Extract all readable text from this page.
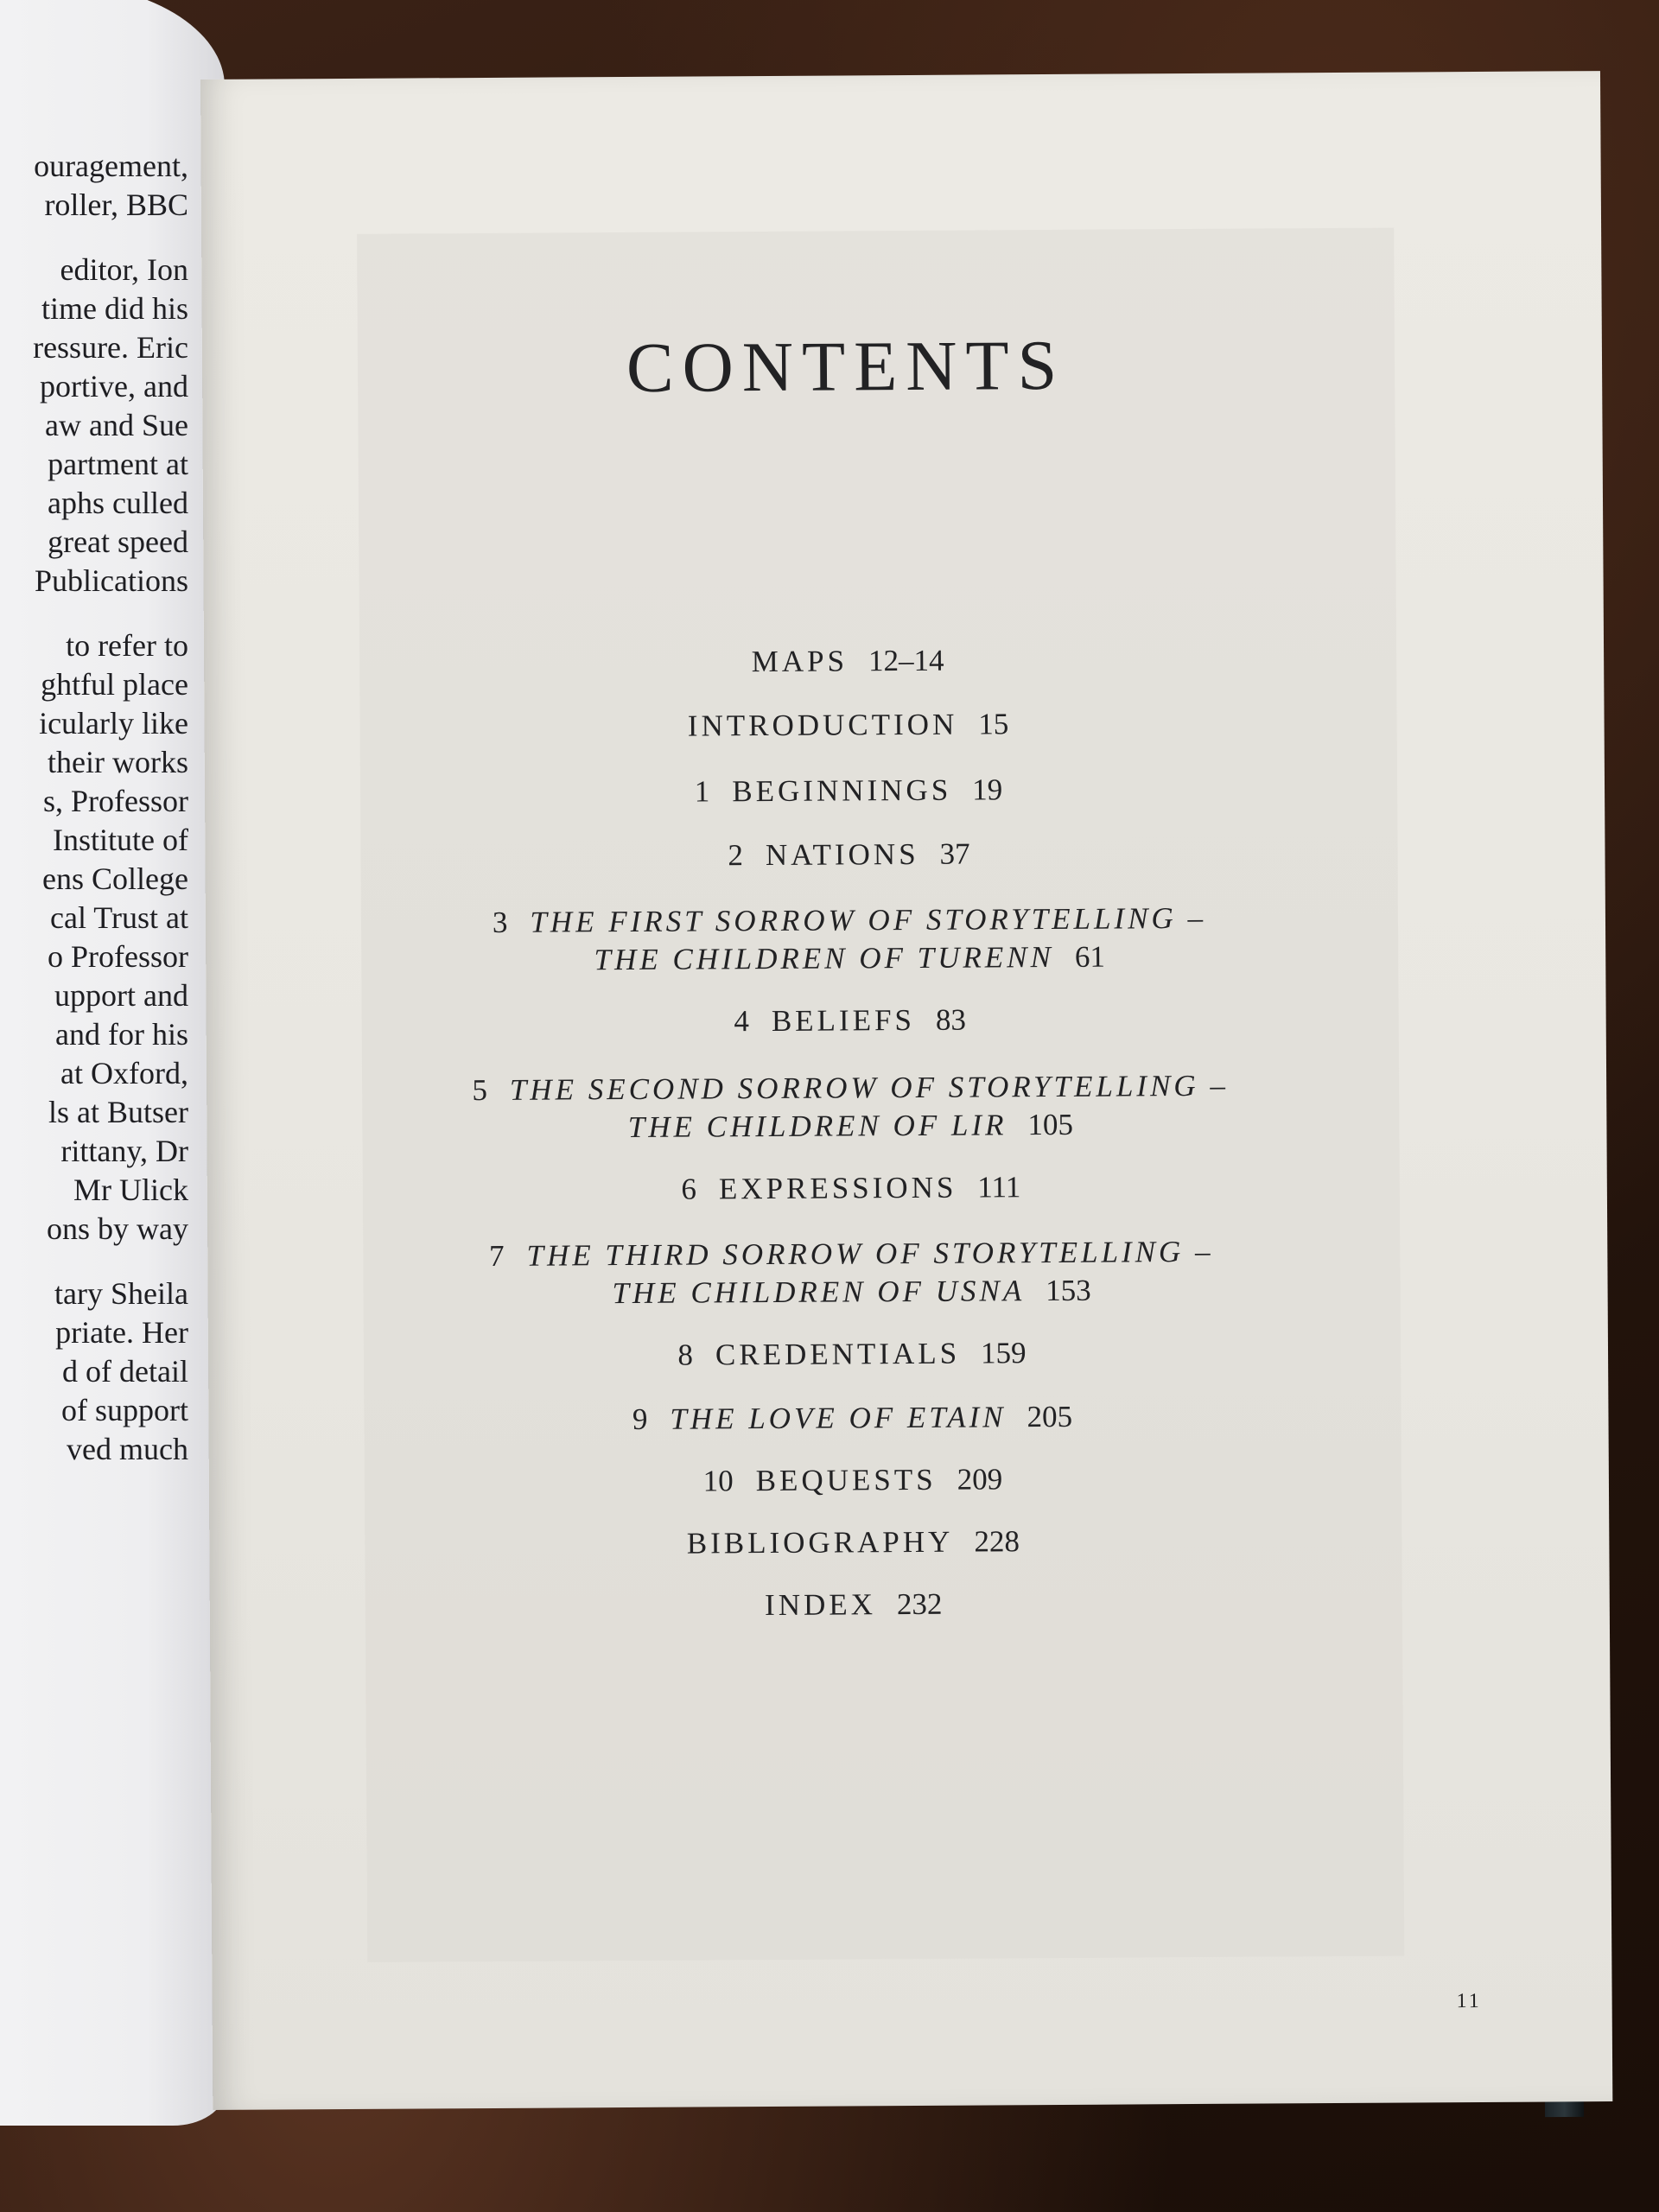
ouragement,
roller, BBC
editor, Ion
time did his
ressure. Eric
portive, and
aw and Sue
partment at
aphs culled
great speed
Publications
to refer to
ghtful place
icularly like
their works
s, Professor
Institute of
ens College
cal Trust at
o Professor
upport and
and for his
at Oxford,
ls at Butser
rittany, Dr
Mr Ulick
ons by way
tary Sheila
priate. Her
d of detail
of support
ved much
CONTENTS
MAPS 12–14
INTRODUCTION 15
1 BEGINNINGS 19
2 NATIONS 37
3 THE FIRST SORROW OF STORYTELLING –
THE CHILDREN OF TURENN 61
4 BELIEFS 83
5 THE SECOND SORROW OF STORYTELLING –
THE CHILDREN OF LIR 105
6 EXPRESSIONS 111
7 THE THIRD SORROW OF STORYTELLING –
THE CHILDREN OF USNA 153
8 CREDENTIALS 159
9 THE LOVE OF ETAIN 205
10 BEQUESTS 209
BIBLIOGRAPHY 228
INDEX 232
11
